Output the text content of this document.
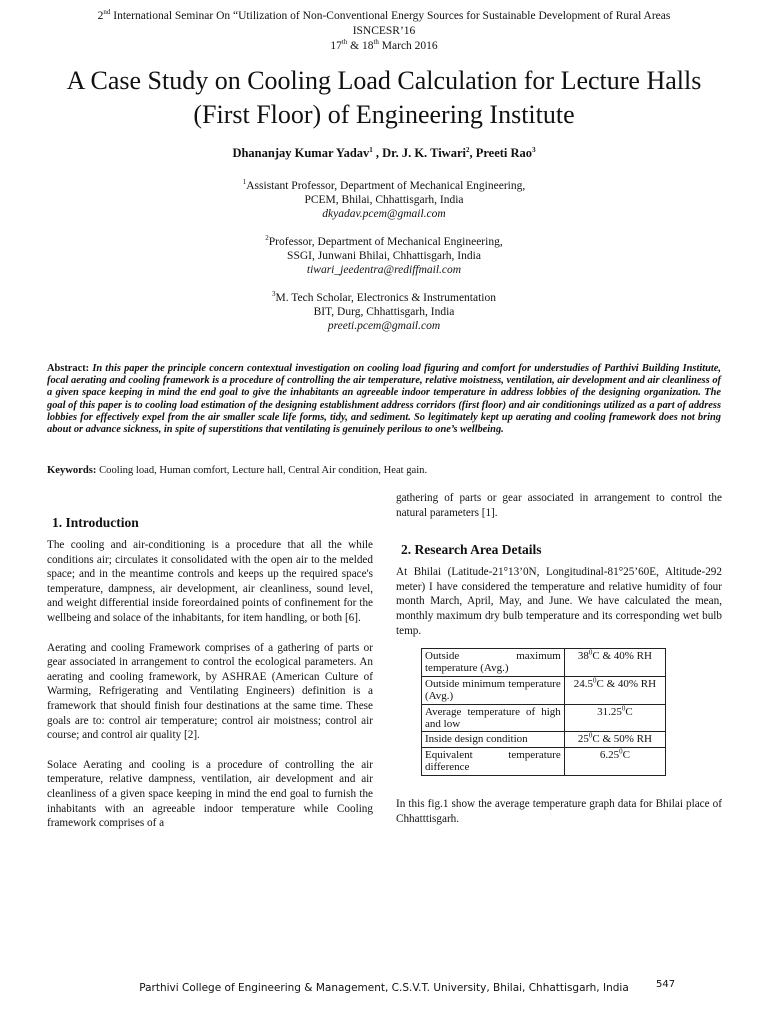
2nd International Seminar On “Utilization of Non-Conventional Energy Sources for Sustainable Development of Rural Areas
ISNCESR’16
17th & 18th March 2016
A Case Study on Cooling Load Calculation for Lecture Halls (First Floor) of Engineering Institute
Dhananjay Kumar Yadav$^1$ , Dr. J. K. Tiwari$^2$, Preeti Rao$^3$
$^1$Assistant Professor, Department of Mechanical Engineering,
PCEM, Bhilai, Chhattisgarh, India
dkyadav.pcem@gmail.com
$^2$Professor, Department of Mechanical Engineering,
SSGI, Junwani Bhilai, Chhattisgarh, India
tiwari_jeedentra@rediffmail.com
$^3$M. Tech Scholar, Electronics & Instrumentation
BIT, Durg, Chhattisgarh, India
preeti.pcem@gmail.com
Abstract: In this paper the principle concern contextual investigation on cooling load figuring and comfort for understudies of Parthivi Building Institute, focal aerating and cooling framework is a procedure of controlling the air temperature, relative moistness, ventilation, air development and air cleanliness of a given space keeping in mind the end goal to give the inhabitants an agreeable indoor temperature in address lobbies of the designing organization. The goal of this paper is to cooling load estimation of the designing establishment address corridors (first floor) and air conditionings utilized as a part of address lobbies for effectively expel from the air smaller scale life forms, tidy, and sediment. So legitimately kept up aerating and cooling framework does not bring about or advance sickness, in spite of superstitions that ventilating is genuinely perilous to one’s wellbeing.
Keywords: Cooling load, Human comfort, Lecture hall, Central Air condition, Heat gain.
1. Introduction

The cooling and air-conditioning is a procedure that all the while conditions air; circulates it consolidated with the open air to the melded space; and in the meantime controls and keeps up the required space's temperature, dampness, air development, air cleanliness, sound level, and weight differential inside foreordained points of confinement for the wellbeing and solace of the inhabitants, for item handling, or both [6].

Aerating and cooling Framework comprises of a gathering of parts or gear associated in arrangement to control the ecological parameters. An aerating and cooling framework, by ASHRAE (American Culture of Warming, Refrigerating and Ventilating Engineers) definition is a framework that should finish four destinations at the same time. These goals are to: control air temperature; control air moistness; control air course; and control air quality [2].

Solace Aerating and cooling is a procedure of controlling the air temperature, relative dampness, ventilation, air development and air cleanliness of a given space keeping in mind the end goal to furnish the inhabitants with an agreeable indoor temperature while Cooling framework comprises of a

gathering of parts or gear associated in arrangement to control the natural parameters [1].

2. Research Area Details

At Bhilai (Latitude-21°13’0N, Longitudinal-81°25’60E, Altitude-292 meter) I have considered the temperature and relative humidity of four month March, April, May, and June. We have calculated the mean, monthly maximum dry bulb temperature and its corresponding wet bulb temp.

Outside maximum temperature (Avg.)	$38^0C$ & 40% RH
Outside minimum temperature (Avg.)	24.5$^0$C & 40% RH
Average temperature of high and low	31.25$^0$C
Inside design condition	$25^0C$ & 50% RH
Equivalent temperature difference	6.25$^0$C

In this fig.1 show the average temperature graph data for Bhilai place of Chhatttisgarh.

Parthivi College of Engineering & Management, C.S.V.T. University, Bhilai, Chhattisgarh, India	547
